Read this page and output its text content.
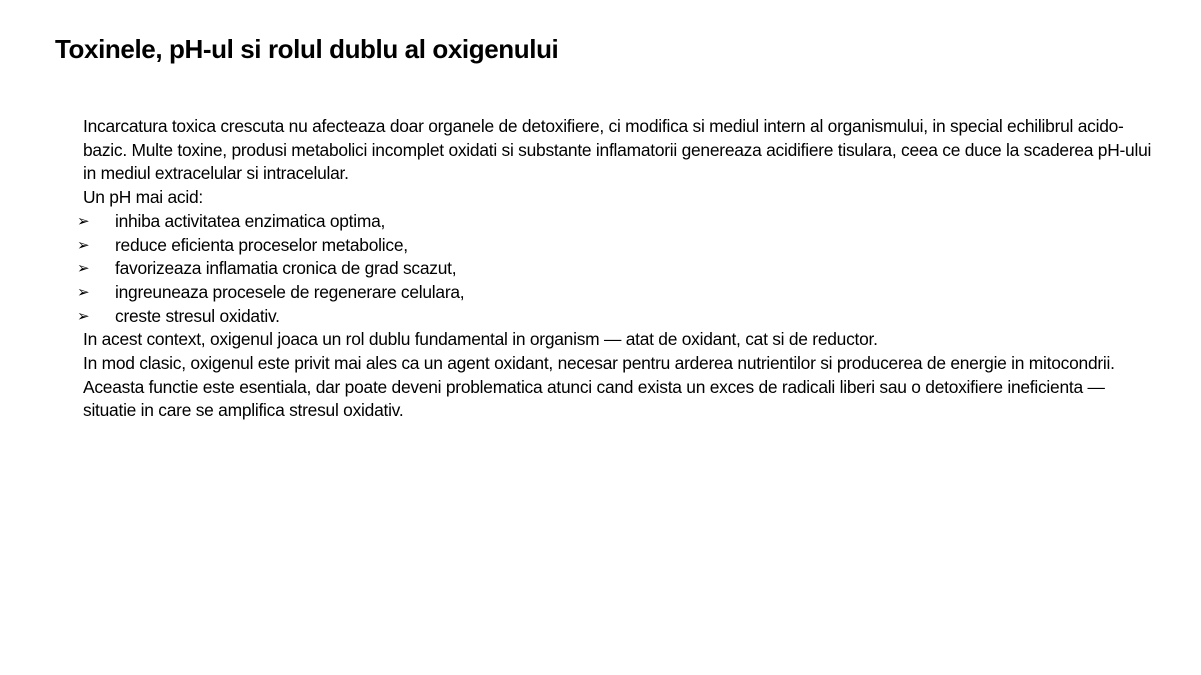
Toxinele, pH-ul si rolul dublu al oxigenului

Incarcatura toxica crescuta nu afecteaza doar organele de detoxifiere, ci modifica si mediul intern al organismului, in special echilibrul acido-bazic. Multe toxine, produsi metabolici incomplet oxidati si substante inflamatorii genereaza acidifiere tisulara, ceea ce duce la scaderea pH-ului in mediul extracelular si intracelular.

Un pH mai acid:

➢ inhiba activitatea enzimatica optima,
➢ reduce eficienta proceselor metabolice,
➢ favorizeaza inflamatia cronica de grad scazut,
➢ ingreuneaza procesele de regenerare celulara,
➢ creste stresul oxidativ.

In acest context, oxigenul joaca un rol dublu fundamental in organism — atat de oxidant, cat si de reductor.

In mod clasic, oxigenul este privit mai ales ca un agent oxidant, necesar pentru arderea nutrientilor si producerea de energie in mitocondrii. Aceasta functie este esentiala, dar poate deveni problematica atunci cand exista un exces de radicali liberi sau o detoxifiere ineficienta — situatie in care se amplifica stresul oxidativ.
